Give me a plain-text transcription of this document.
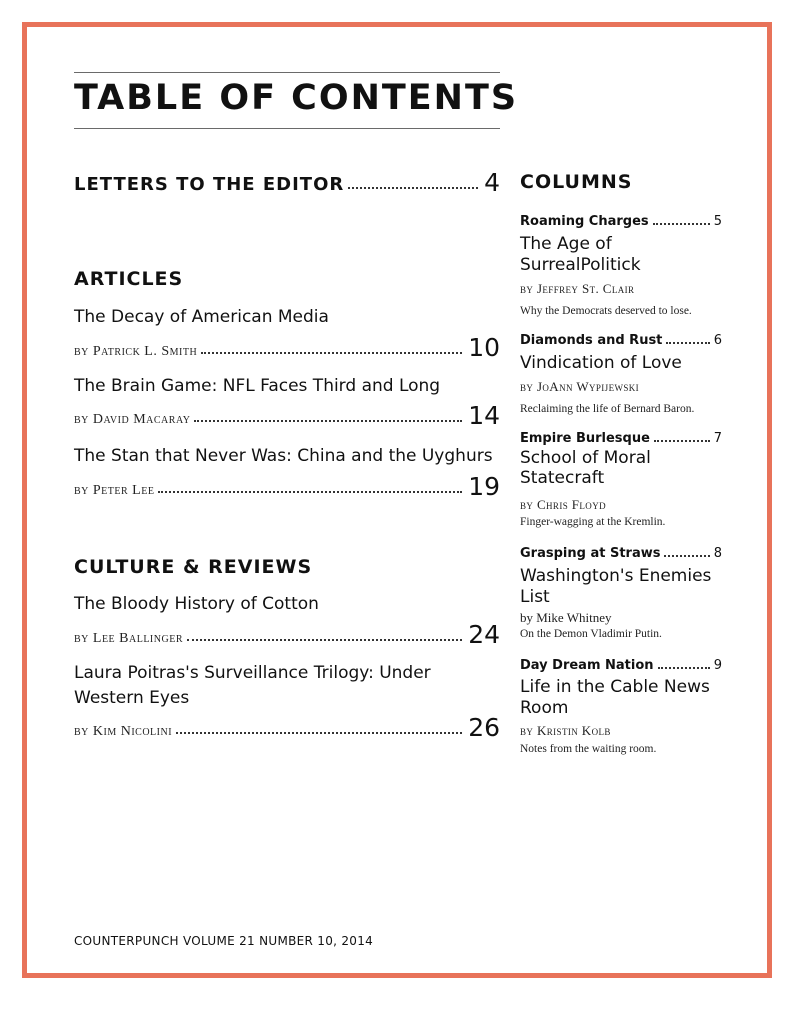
TABLE OF CONTENTS
LETTERS TO THE EDITOR	4
ARTICLES
The Decay of American Media
by Patrick L. Smith	10
The Brain Game: NFL Faces Third and Long
by David Macaray	14
The Stan that Never Was: China and the Uyghurs
by Peter Lee	19
CULTURE & REVIEWS
The Bloody History of Cotton
by Lee Ballinger	24
Laura Poitras's Surveillance Trilogy: Under
Western Eyes
by Kim Nicolini	26
COLUMNS
Roaming Charges	5
The Age of
SurrealPolitick
by Jeffrey St. Clair
Why the Democrats deserved to lose.
Diamonds and Rust	6
Vindication of Love
by JoAnn Wypijewski
Reclaiming the life of Bernard Baron.
Empire Burlesque	7
School of Moral
Statecraft
by Chris Floyd
Finger-wagging at the Kremlin.
Grasping at Straws	8
Washington's Enemies
List
by Mike Whitney
On the Demon Vladimir Putin.
Day Dream Nation	9
Life in the Cable News
Room
by Kristin Kolb
Notes from the waiting room.
COUNTERPUNCH VOLUME 21 NUMBER 10, 2014
